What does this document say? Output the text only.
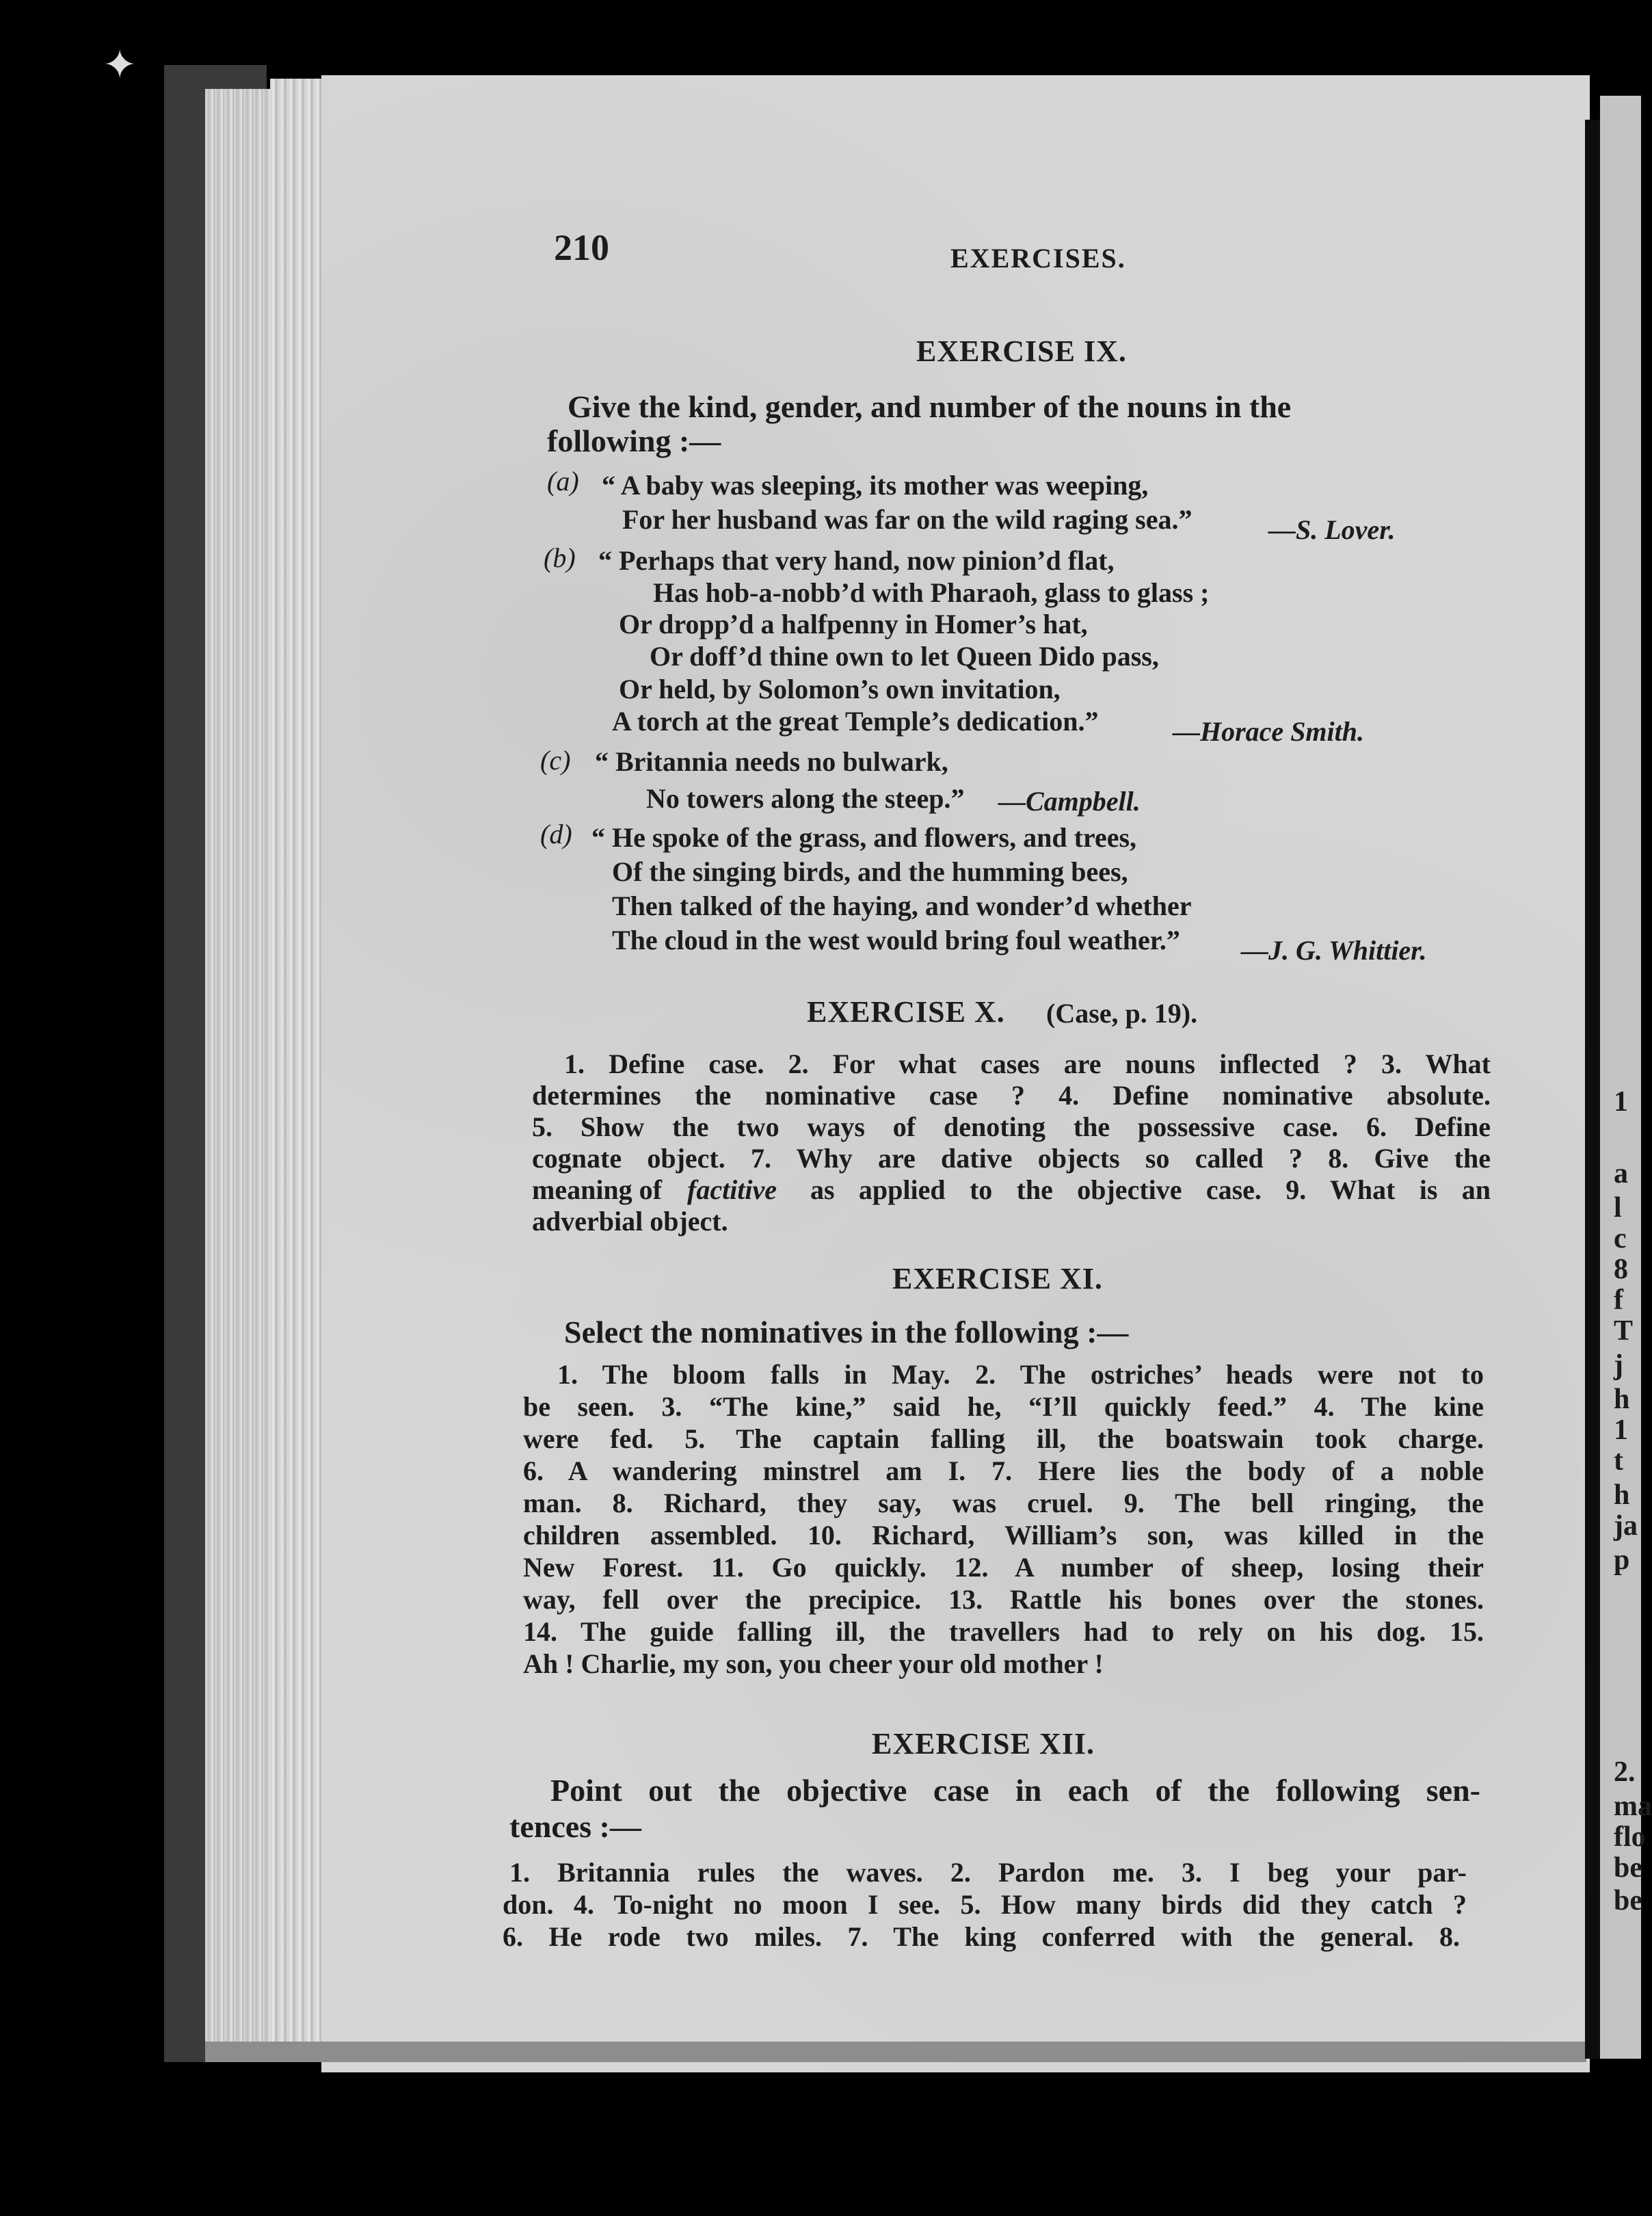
✦
210	EXERCISES.
EXERCISE IX.
Give the kind, gender, and number of the nouns in the
following :—
(a) “ A baby was sleeping, its mother was weeping,
For her husband was far on the wild raging sea.”	—S. Lover.
(b) “ Perhaps that very hand, now pinion’d flat,
Has hob-a-nobb’d with Pharaoh, glass to glass ;
Or dropp’d a halfpenny in Homer’s hat,
Or doff’d thine own to let Queen Dido pass,
Or held, by Solomon’s own invitation,
A torch at the great Temple’s dedication.”	—Horace Smith.
(c) “ Britannia needs no bulwark,
No towers along the steep.” —Campbell.
(d) “ He spoke of the grass, and flowers, and trees,
Of the singing birds, and the humming bees,
Then talked of the haying, and wonder’d whether
The cloud in the west would bring foul weather.” —J. G. Whittier.
EXERCISE X. (Case, p. 19).
1. Define case. 2. For what cases are nouns inflected ? 3. What
determines the nominative case ? 4. Define nominative absolute.
5. Show the two ways of denoting the possessive case. 6. Define
cognate object. 7. Why are dative objects so called ? 8. Give the
meaning of factitive as applied to the objective case. 9. What is an
adverbial object.
EXERCISE XI.
Select the nominatives in the following :—
1. The bloom falls in May. 2. The ostriches’ heads were not to
be seen. 3. “The kine,” said he, “I’ll quickly feed.” 4. The kine
were fed. 5. The captain falling ill, the boatswain took charge.
6. A wandering minstrel am I. 7. Here lies the body of a noble
man. 8. Richard, they say, was cruel. 9. The bell ringing, the
children assembled. 10. Richard, William’s son, was killed in the
New Forest. 11. Go quickly. 12. A number of sheep, losing their
way, fell over the precipice. 13. Rattle his bones over the stones.
14. The guide falling ill, the travellers had to rely on his dog. 15.
Ah ! Charlie, my son, you cheer your old mother !
EXERCISE XII.
Point out the objective case in each of the following sen-
tences :—
1. Britannia rules the waves. 2. Pardon me. 3. I beg your par-
don. 4. To-night no moon I see. 5. How many birds did they catch ?
6. He rode two miles. 7. The king conferred with the general. 8.
1
a
l
c
8
f
T
j
h
1
t
h
ja
p
2.
ma
flo
be
be
